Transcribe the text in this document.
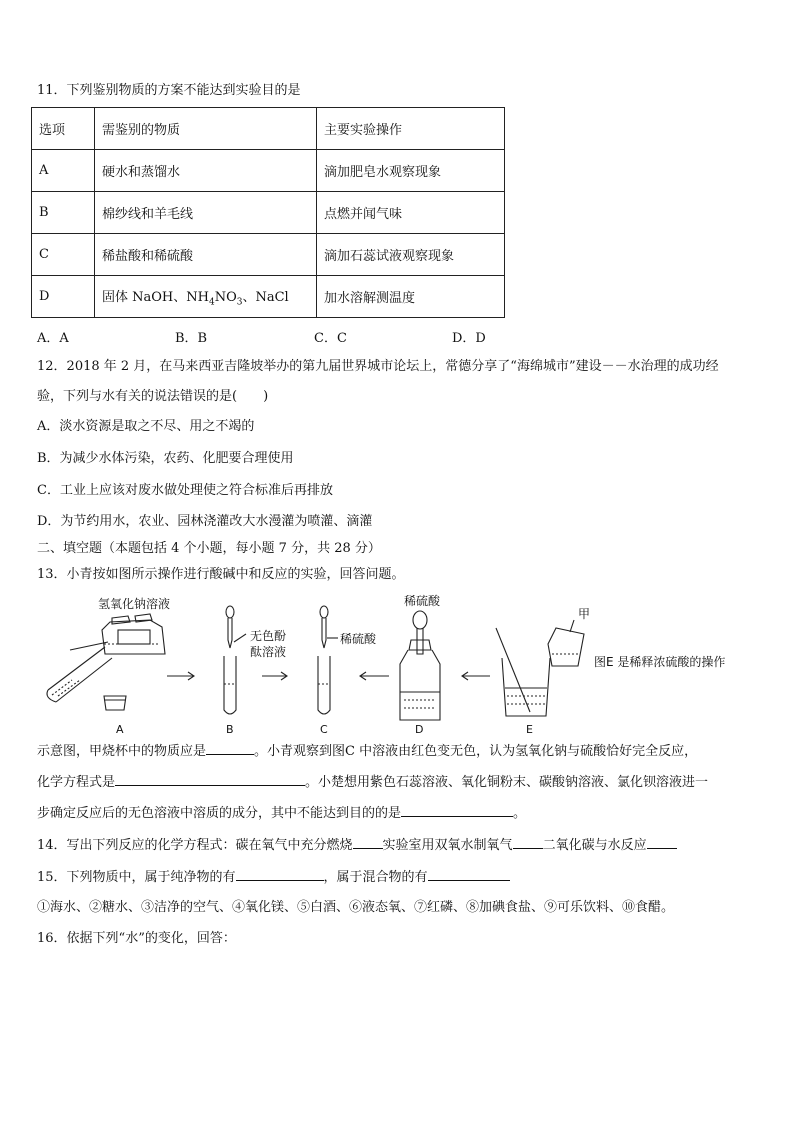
11．下列鉴别物质的方案不能达到实验目的是
选项	需鉴别的物质	主要实验操作
A	硬水和蒸馏水	滴加肥皂水观察现象
B	棉纱线和羊毛线	点燃并闻气味
C	稀盐酸和稀硫酸	滴加石蕊试液观察现象
D	固体 NaOH、$NH_4NO_3$、NaCl	加水溶解测温度
A．A	B．B	C．C	D．D
12．2018 年 2 月，在马来西亚吉隆坡举办的第九届世界城市论坛上，常德分享了“海绵城市”建设－－水治理的成功经
验，下列与水有关的说法错误的是(　　)
A．淡水资源是取之不尽、用之不竭的
B．为减少水体污染，农药、化肥要合理使用
C．工业上应该对废水做处理使之符合标准后再排放
D．为节约用水，农业、园林浇灌改大水漫灌为喷灌、滴灌
二、填空题（本题包括 4 个小题，每小题 7 分，共 28 分）
13．小青按如图所示操作进行酸碱中和反应的实验，回答问题。
氢氧化钠溶液
无色酚
酞溶液
稀硫酸
稀硫酸
甲
图E 是稀释浓硫酸的操作
A	B	C	D	E
示意图，甲烧杯中的物质应是	。小青观察到图C 中溶液由红色变无色，认为氢氧化钠与硫酸恰好完全反应，
化学方程式是	。小楚想用紫色石蕊溶液、氧化铜粉末、碳酸钠溶液、氯化钡溶液进一
步确定反应后的无色溶液中溶质的成分，其中不能达到目的的是	。
14．写出下列反应的化学方程式：碳在氧气中充分燃烧 实验室用双氧水制氧气 二氧化碳与水反应
15．下列物质中，属于纯净物的有	，属于混合物的有
①海水、②糖水、③洁净的空气、④氧化镁、⑤白酒、⑥液态氧、⑦红磷、⑧加碘食盐、⑨可乐饮料、⑩食醋。
16．依据下列“水”的变化，回答：
